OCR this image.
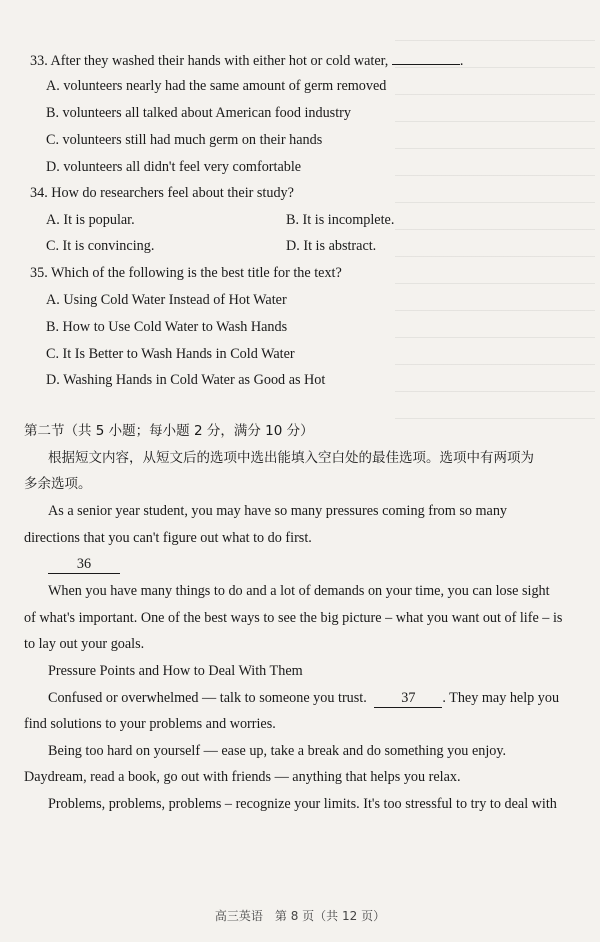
33. After they washed their hands with either hot or cold water,	.
A. volunteers nearly had the same amount of germ removed
B. volunteers all talked about American food industry
C. volunteers still had much germ on their hands
D. volunteers all didn't feel very comfortable
34. How do researchers feel about their study?
A. It is popular.	B. It is incomplete.
C. It is convincing.	D. It is abstract.
35. Which of the following is the best title for the text?
A. Using Cold Water Instead of Hot Water
B. How to Use Cold Water to Wash Hands
C. It Is Better to Wash Hands in Cold Water
D. Washing Hands in Cold Water as Good as Hot
第二节（共 5 小题；每小题 2 分，满分 10 分）
根据短文内容，从短文后的选项中选出能填入空白处的最佳选项。选项中有两项为
多余选项。
As a senior year student, you may have so many pressures coming from so many
directions that you can't figure out what to do first.
36
When you have many things to do and a lot of demands on your time, you can lose sight
of what's important. One of the best ways to see the big picture – what you want out of life – is
to lay out your goals.
Pressure Points and How to Deal With Them
Confused or overwhelmed — talk to someone you trust. 37 . They may help you
find solutions to your problems and worries.
Being too hard on yourself — ease up, take a break and do something you enjoy.
Daydream, read a book, go out with friends — anything that helps you relax.
Problems, problems, problems – recognize your limits. It's too stressful to try to deal with
高三英语　第 8 页（共 12 页）
